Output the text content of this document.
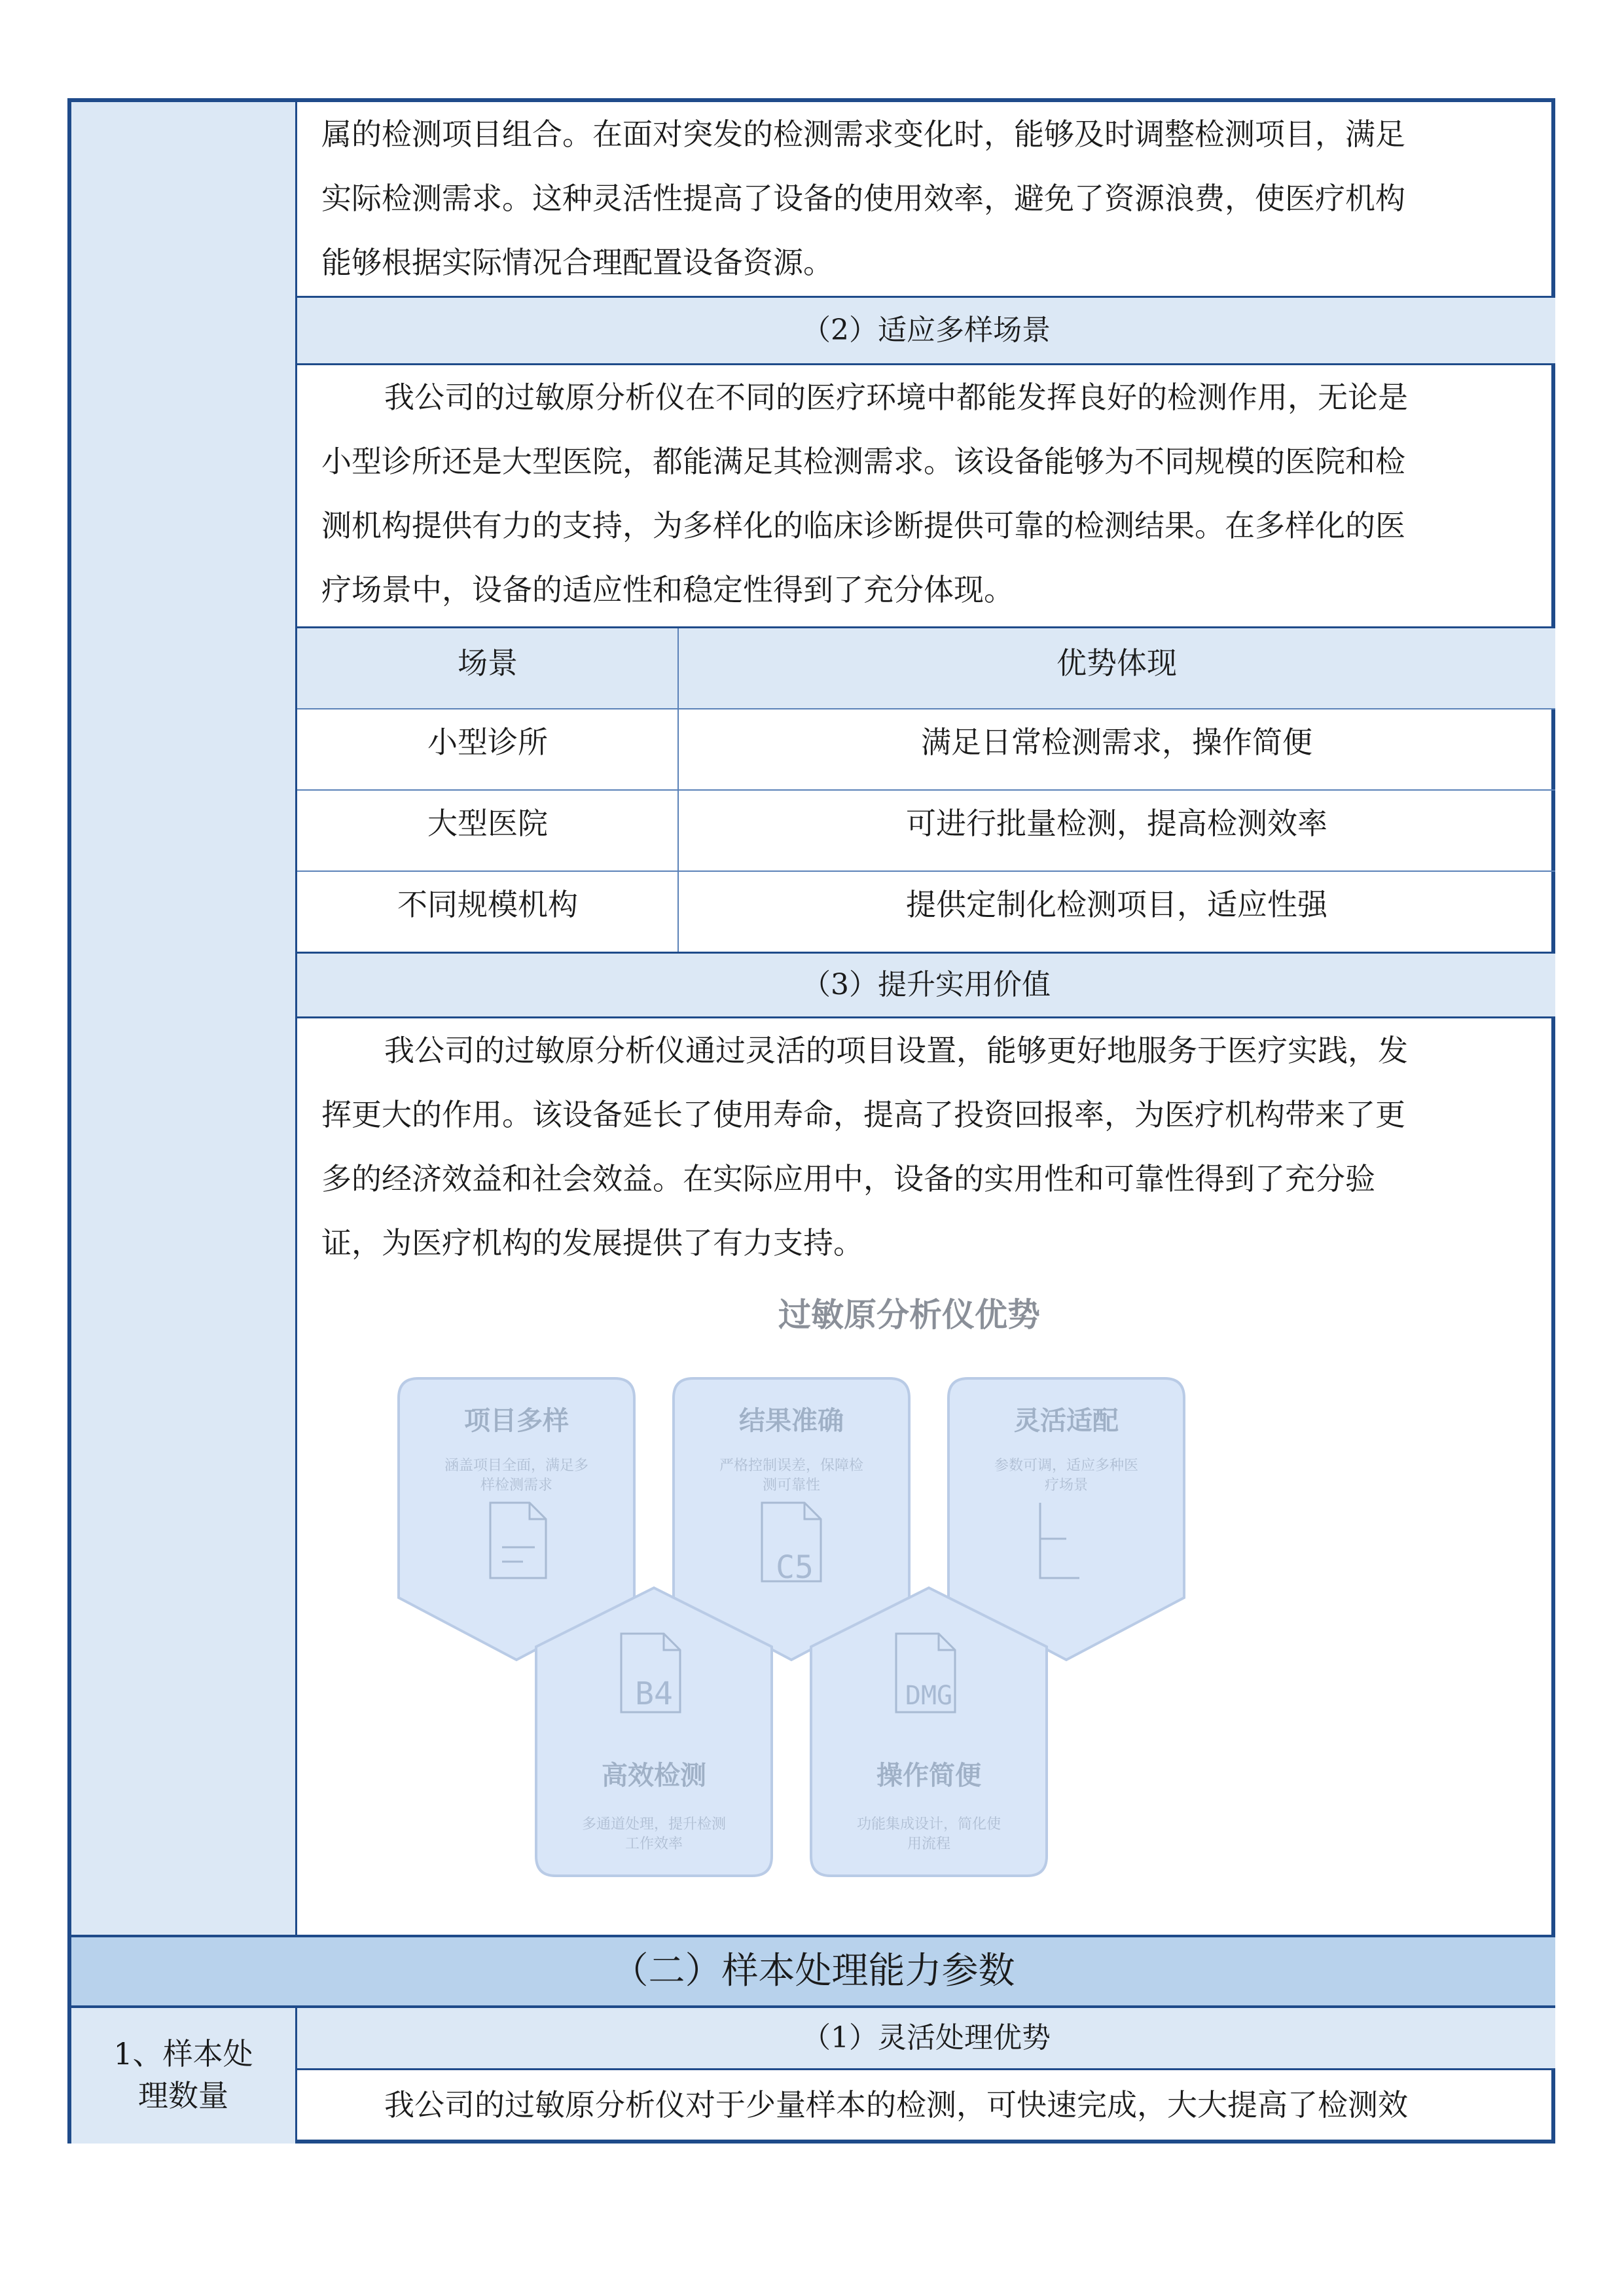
属的检测项目组合。在面对突发的检测需求变化时，能够及时调整检测项目，满足
实际检测需求。这种灵活性提高了设备的使用效率，避免了资源浪费，使医疗机构
能够根据实际情况合理配置设备资源。
（2）适应多样场景
我公司的过敏原分析仪在不同的医疗环境中都能发挥良好的检测作用，无论是
小型诊所还是大型医院，都能满足其检测需求。该设备能够为不同规模的医院和检
测机构提供有力的支持，为多样化的临床诊断提供可靠的检测结果。在多样化的医
疗场景中，设备的适应性和稳定性得到了充分体现。
场景	优势体现
小型诊所	满足日常检测需求，操作简便
大型医院	可进行批量检测，提高检测效率
不同规模机构	提供定制化检测项目，适应性强
（3）提升实用价值
我公司的过敏原分析仪通过灵活的项目设置，能够更好地服务于医疗实践，发
挥更大的作用。该设备延长了使用寿命，提高了投资回报率，为医疗机构带来了更
多的经济效益和社会效益。在实际应用中，设备的实用性和可靠性得到了充分验
证，为医疗机构的发展提供了有力支持。
过敏原分析仪优势
项目多样
涵盖项目全面，满足多
样检测需求
结果准确
严格控制误差，保障检
测可靠性
C5
灵活适配
参数可调，适应多种医
疗场景
B4
高效检测
多通道处理，提升检测
工作效率
DMG
操作简便
功能集成设计，简化使
用流程
（二）样本处理能力参数
1、样本处
理数量
（1）灵活处理优势
我公司的过敏原分析仪对于少量样本的检测，可快速完成，大大提高了检测效
